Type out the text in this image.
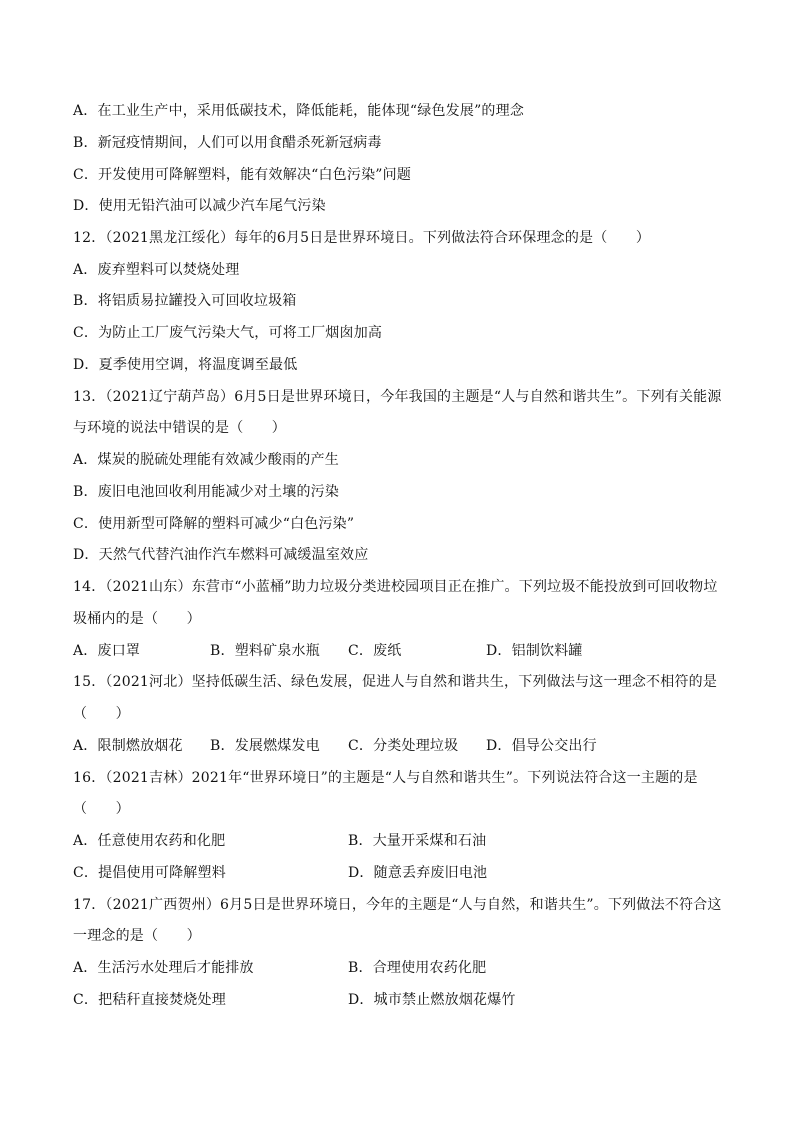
A．在工业生产中，采用低碳技术，降低能耗，能体现“绿色发展”的理念
B．新冠疫情期间，人们可以用食醋杀死新冠病毒
C．开发使用可降解塑料，能有效解决“白色污染”问题
D．使用无铅汽油可以减少汽车尾气污染
12．（2021黑龙江绥化）每年的6月5日是世界环境日。下列做法符合环保理念的是（　　）
A．废弃塑料可以焚烧处理
B．将铝质易拉罐投入可回收垃圾箱
C．为防止工厂废气污染大气，可将工厂烟囱加高
D．夏季使用空调，将温度调至最低
13．（2021辽宁葫芦岛）6月5日是世界环境日，今年我国的主题是“人与自然和谐共生”。下列有关能源
与环境的说法中错误的是（　　）
A．煤炭的脱硫处理能有效减少酸雨的产生
B．废旧电池回收利用能减少对土壤的污染
C．使用新型可降解的塑料可减少“白色污染”
D．天然气代替汽油作汽车燃料可减缓温室效应
14．（2021山东）东营市“小蓝桶”助力垃圾分类进校园项目正在推广。下列垃圾不能投放到可回收物垃
圾桶内的是（　　）
A．废口罩	B．塑料矿泉水瓶 C．废纸	D．铝制饮料罐
15．（2021河北）坚持低碳生活、绿色发展，促进人与自然和谐共生，下列做法与这一理念不相符的是
（　　）
A．限制燃放烟花 B．发展燃煤发电 C．分类处理垃圾 D．倡导公交出行
16．（2021吉林）2021年“世界环境日”的主题是“人与自然和谐共生”。下列说法符合这一主题的是
（　　）
A．任意使用农药和化肥	B．大量开采煤和石油
C．提倡使用可降解塑料	D．随意丢弃废旧电池
17．（2021广西贺州）6月5日是世界环境日，今年的主题是“人与自然，和谐共生”。下列做法不符合这
一理念的是（　　）
A．生活污水处理后才能排放	B．合理使用农药化肥
C．把秸秆直接焚烧处理	D．城市禁止燃放烟花爆竹
